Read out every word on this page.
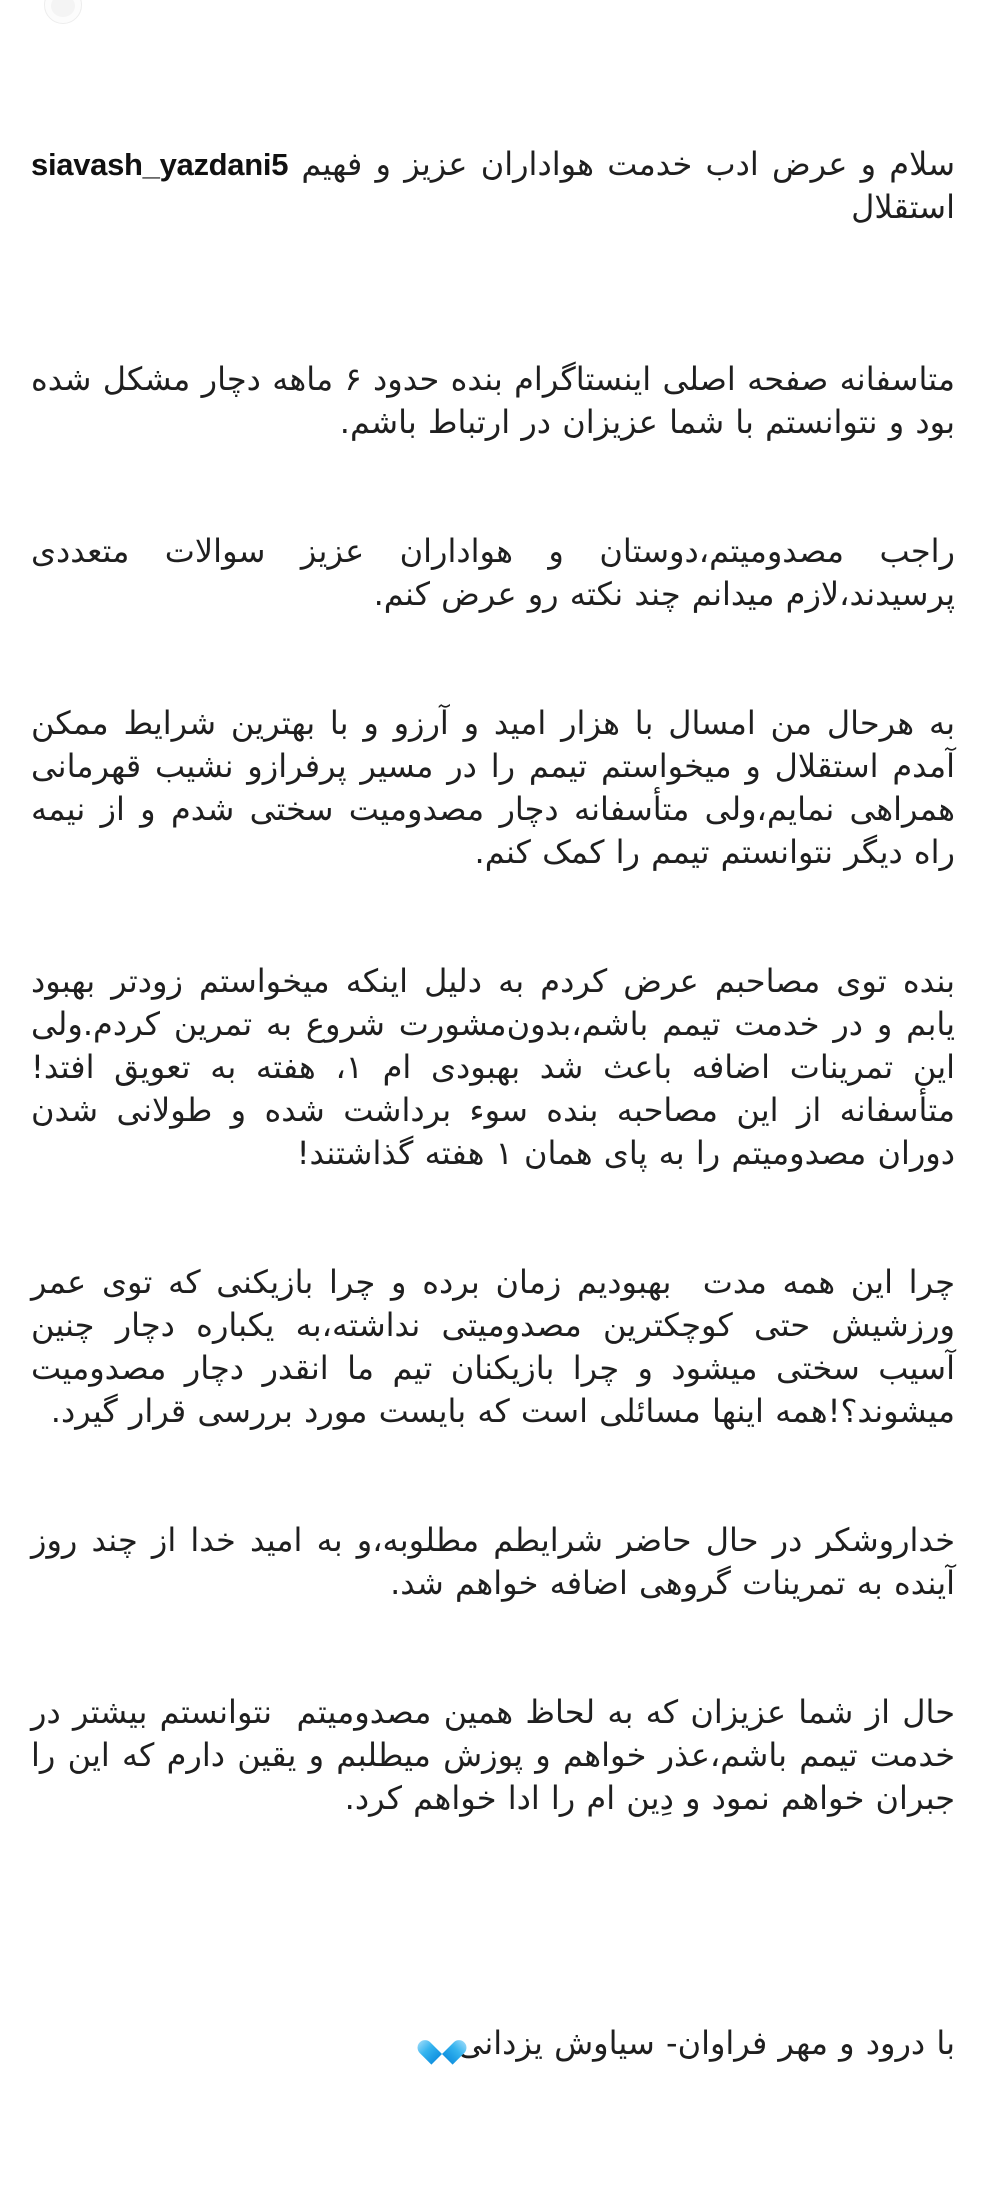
سلام و عرض ادب خدمت هواداران عزیز و فهیم siavash_yazdani5 استقلال

متاسفانه صفحه اصلی اینستاگرام بنده حدود ۶ ماهه دچار مشکل شده بود و نتوانستم با شما عزیزان در ارتباط باشم.

راجب مصدومیتم،دوستان و هواداران عزیز سوالات متعددی پرسیدند،لازم میدانم چند نکته رو عرض کنم.

به هرحال من امسال با هزار امید و آرزو و با بهترین شرایط ممکن آمدم استقلال و میخواستم تیمم را در مسیر پرفرازو نشیب قهرمانی همراهی نمایم،ولی متأسفانه دچار مصدومیت سختی شدم و از نیمه راه دیگر نتوانستم تیمم را کمک کنم.

بنده توی مصاحبم عرض کردم به دلیل اینکه میخواستم زودتر بهبود یابم و در خدمت تیمم باشم،بدون‌مشورت شروع به تمرین کردم.ولی این تمرینات اضافه باعث شد بهبودی ام ۱، هفته به تعویق افتد!متأسفانه از این مصاحبه بنده سوء برداشت شده و طولانی شدن دوران مصدومیتم را به پای همان ۱ هفته گذاشتند!

چرا این همه مدت  بهبودیم زمان برده و چرا بازیکنی که توی عمر ورزشیش حتی کوچکترین مصدومیتی نداشته،به یکباره دچار چنین آسیب سختی میشود و چرا بازیکنان تیم ما انقدر دچار مصدومیت میشوند؟!همه اینها مسائلی است که بایست مورد بررسی قرار گیرد.

خداروشکر در حال حاضر شرایطم مطلوبه،و به امید خدا از چند روز آینده به تمرینات گروهی اضافه خواهم شد.

حال از شما عزیزان که به لحاظ همین مصدومیتم  نتوانستم بیشتر در خدمت تیمم باشم،عذر خواهم و پوزش میطلبم و یقین دارم که این را جبران خواهم نمود و دِین ام را ادا خواهم کرد.

با درود و مهر فراوان- سیاوش یزدانی
